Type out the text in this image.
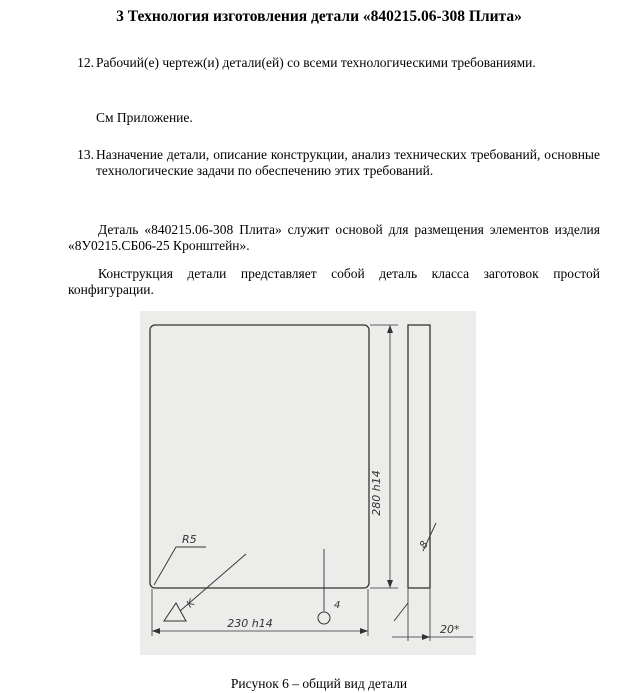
3 Технология изготовления детали «840215.06-308 Плита»
12. Рабочий(е) чертеж(и) детали(ей) со всеми технологическими требованиями.
См Приложение.
13. Назначение детали, описание конструкции, анализ технических требований, основные технологические задачи по обеспечению этих требований.
Деталь «840215.06-308 Плита» служит основой для размещения элементов изделия «8У0215.СБ06-25 Кронштейн».
Конструкция детали представляет собой деталь класса заготовок простой конфигурации.
280 h14
230 h14	20*
R5
K	4
8
Рисунок 6 – общий вид детали
